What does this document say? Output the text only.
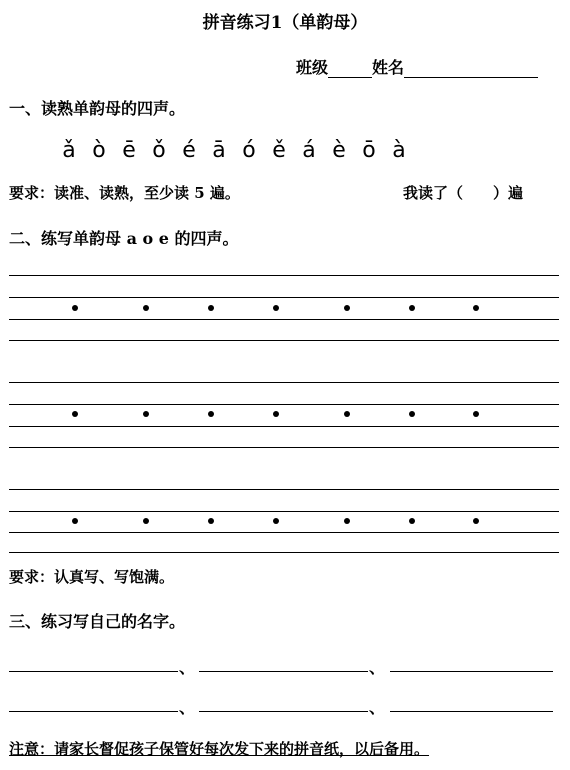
拼音练习1（单韵母）
班级	姓名
一、读熟单韵母的四声。
ǎ ò ē ǒ é ā ó ě á è ō à
要求：读准、读熟，至少读 5 遍。	我读了（　　）遍
二、练写单韵母 a o e 的四声。
要求：认真写、写饱满。
三、练习写自己的名字。
、	、
、	、
注意：请家长督促孩子保管好每次发下来的拼音纸，以后备用。
